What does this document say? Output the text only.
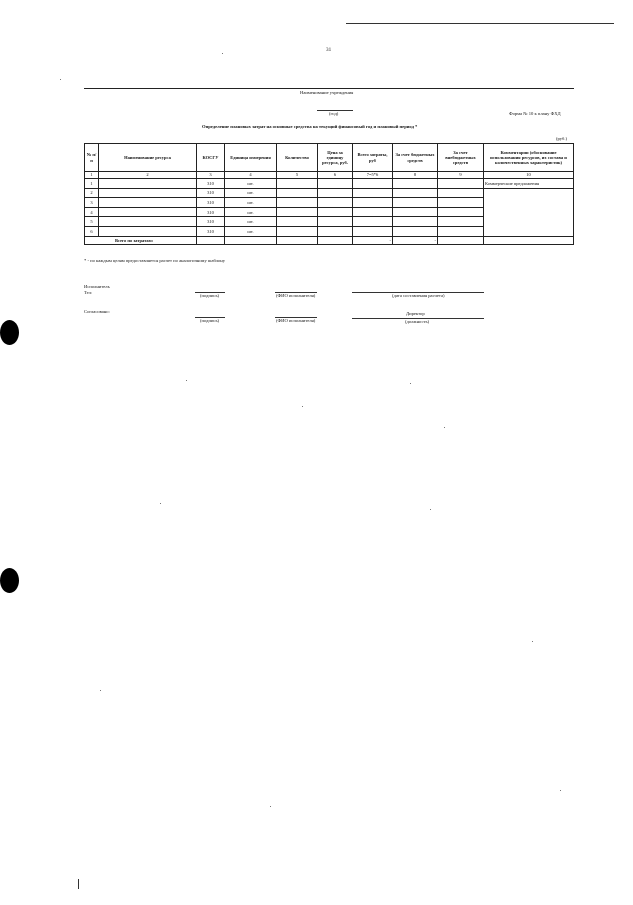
31
Наименование учреждения
(год)	Форма № 10 к плану ФХД
Определение плановых затрат на основные средства на текущий финансовый год и плановый период *
(руб.)
№ п/п	Наименование ресурса	КОСГУ	Единица измерения	Количество	Цена за единицу ресурса, руб.	Всего затраты, руб	За счет бюджетных средств	За счет внебюджетных средств	Комментарии (обоснование использования ресурсов, их состава и количественных характеристик)
1	2	3	4	5	6	7=5*6	8	9	10
1		310	шт.						Коммерческие предложения
2		310	шт.						
3		310	шт.						
4		310	шт.						
5		310	шт.						
6		310	шт.						
Всего по затратам:						-	-		
* - по каждым целям предоставляется расчет по аналогичному шаблону
Исполнитель
Тел:
(подпись)	(ФИО исполнителя)	(дата составления расчета)
Согласовано:
(подпись)	(ФИО исполнителя)
Директор
(должность)
